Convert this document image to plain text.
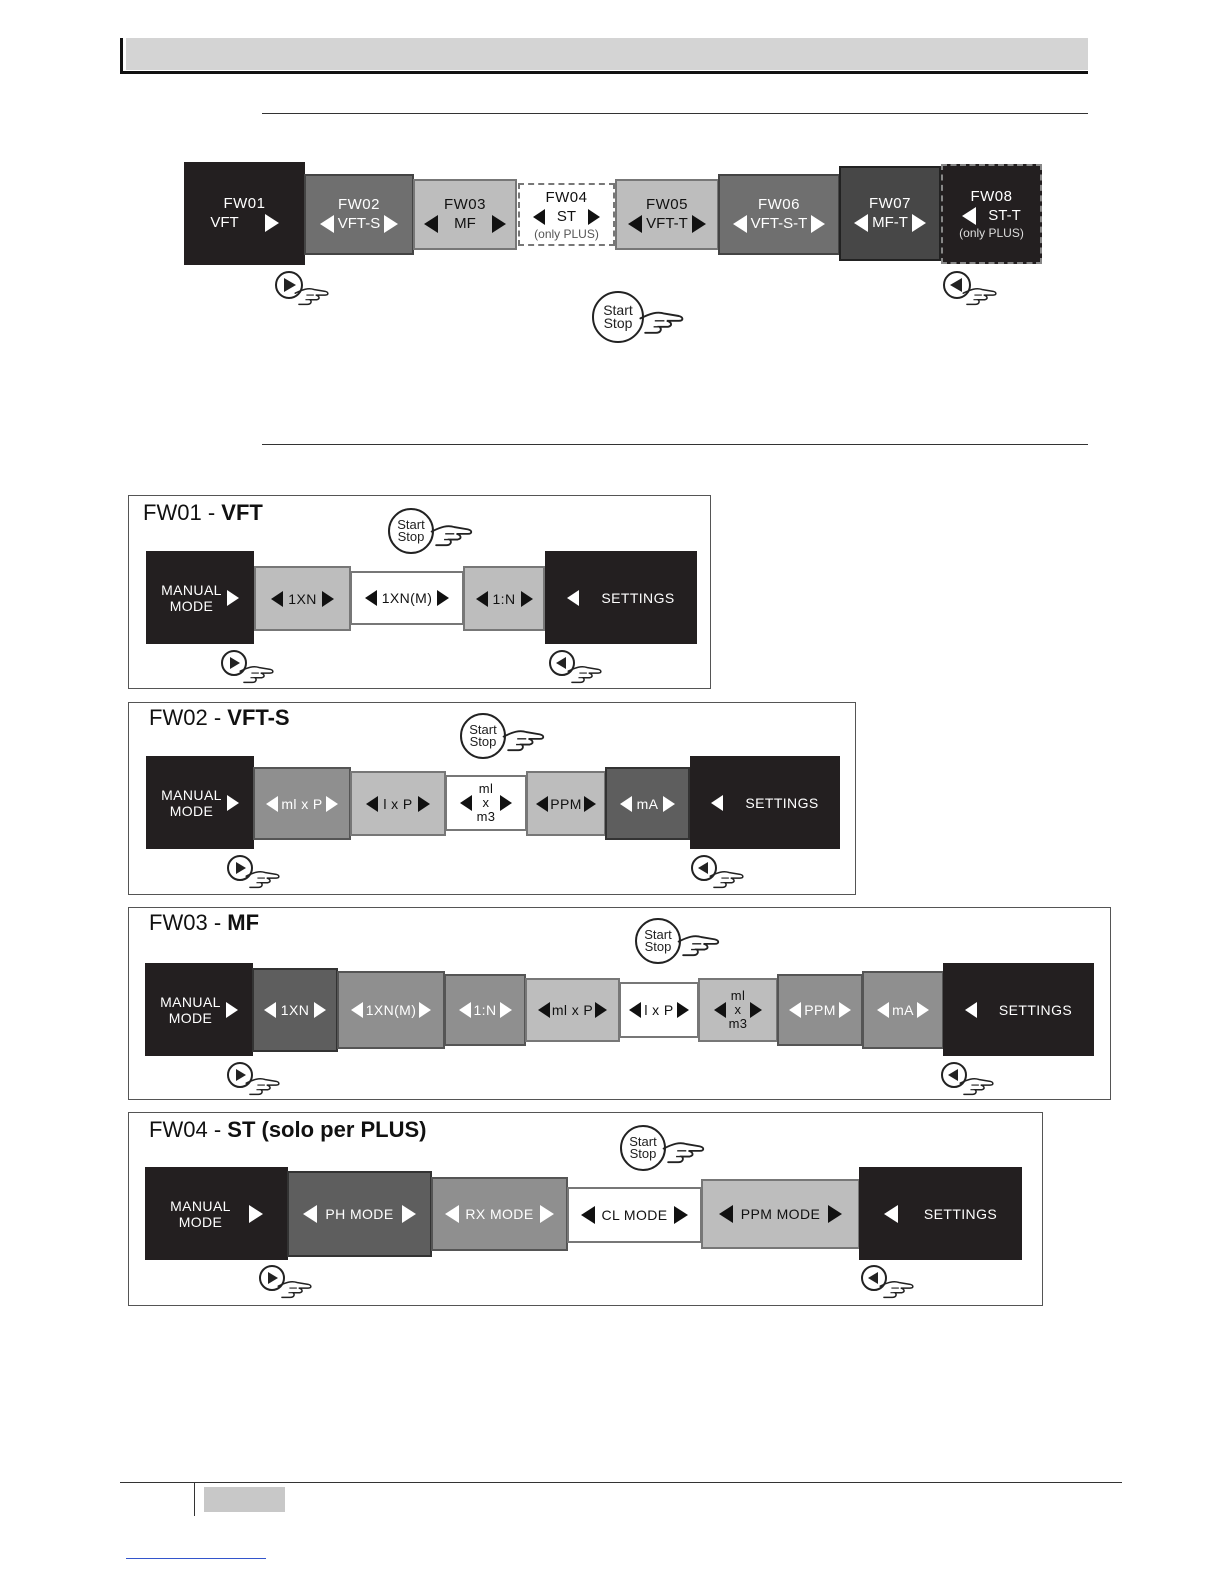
FW01
VFT
FW02
VFT-S
FW03
MF
FW04
ST
(only PLUS)
FW05
VFT-T
FW06
VFT-S-T
FW07
MF-T
FW08
ST-T
(only PLUS)
Start
Stop
FW01 - VFT	Start
Stop
MANUAL
MODE	1XN	1XN(M)	1:N	SETTINGS
FW02 - VFT-S	Start
Stop
MANUAL
MODE	ml x P	l x P
ml
x
m3
PPM	mA	SETTINGS
FW03 - MF	Start
Stop
MANUAL
MODE	1XN	1XN(M)	1:N	ml x P	l x P
ml
x
m3
PPM	mA	SETTINGS
FW04 - ST (solo per PLUS)	Start
Stop
MANUAL
MODE	PH MODE	RX MODE	CL MODE	PPM MODE	SETTINGS
